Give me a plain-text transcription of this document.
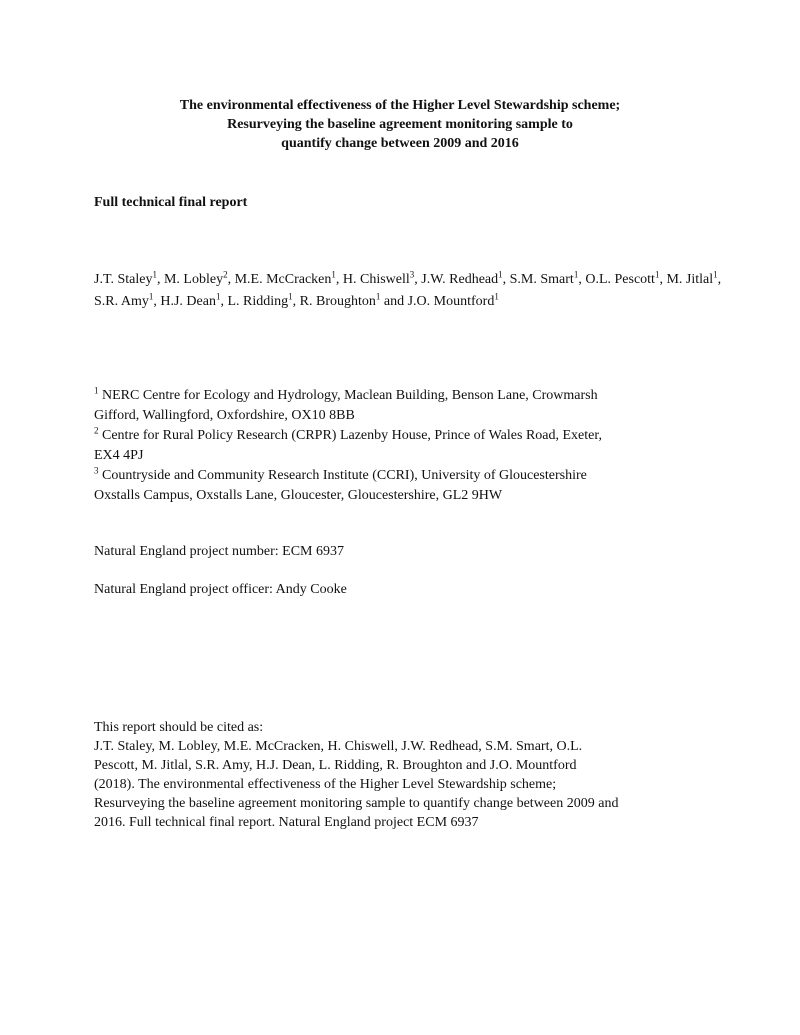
The environmental effectiveness of the Higher Level Stewardship scheme;
Resurveying the baseline agreement monitoring sample to
quantify change between 2009 and 2016
Full technical final report
J.T. Staley$^1$, M. Lobley$^2$, M.E. McCracken$^1$, H. Chiswell$^3$, J.W. Redhead$^1$, S.M. Smart$^1$, O.L. Pescott$^1$, M. Jitlal$^1$, S.R. Amy$^1$, H.J. Dean$^1$, L. Ridding$^1$, R. Broughton$^1$ and J.O. Mountford$^1$
$^1$ NERC Centre for Ecology and Hydrology, Maclean Building, Benson Lane, Crowmarsh
Gifford, Wallingford, Oxfordshire, OX10 8BB
$^2$ Centre for Rural Policy Research (CRPR) Lazenby House, Prince of Wales Road, Exeter,
EX4 4PJ
$^3$ Countryside and Community Research Institute (CCRI), University of Gloucestershire
Oxstalls Campus, Oxstalls Lane, Gloucester, Gloucestershire, GL2 9HW
Natural England project number: ECM 6937
Natural England project officer: Andy Cooke
This report should be cited as:
J.T. Staley, M. Lobley, M.E. McCracken, H. Chiswell, J.W. Redhead, S.M. Smart, O.L.
Pescott, M. Jitlal, S.R. Amy, H.J. Dean, L. Ridding, R. Broughton and J.O. Mountford
(2018). The environmental effectiveness of the Higher Level Stewardship scheme;
Resurveying the baseline agreement monitoring sample to quantify change between 2009 and
2016. Full technical final report. Natural England project ECM 6937
